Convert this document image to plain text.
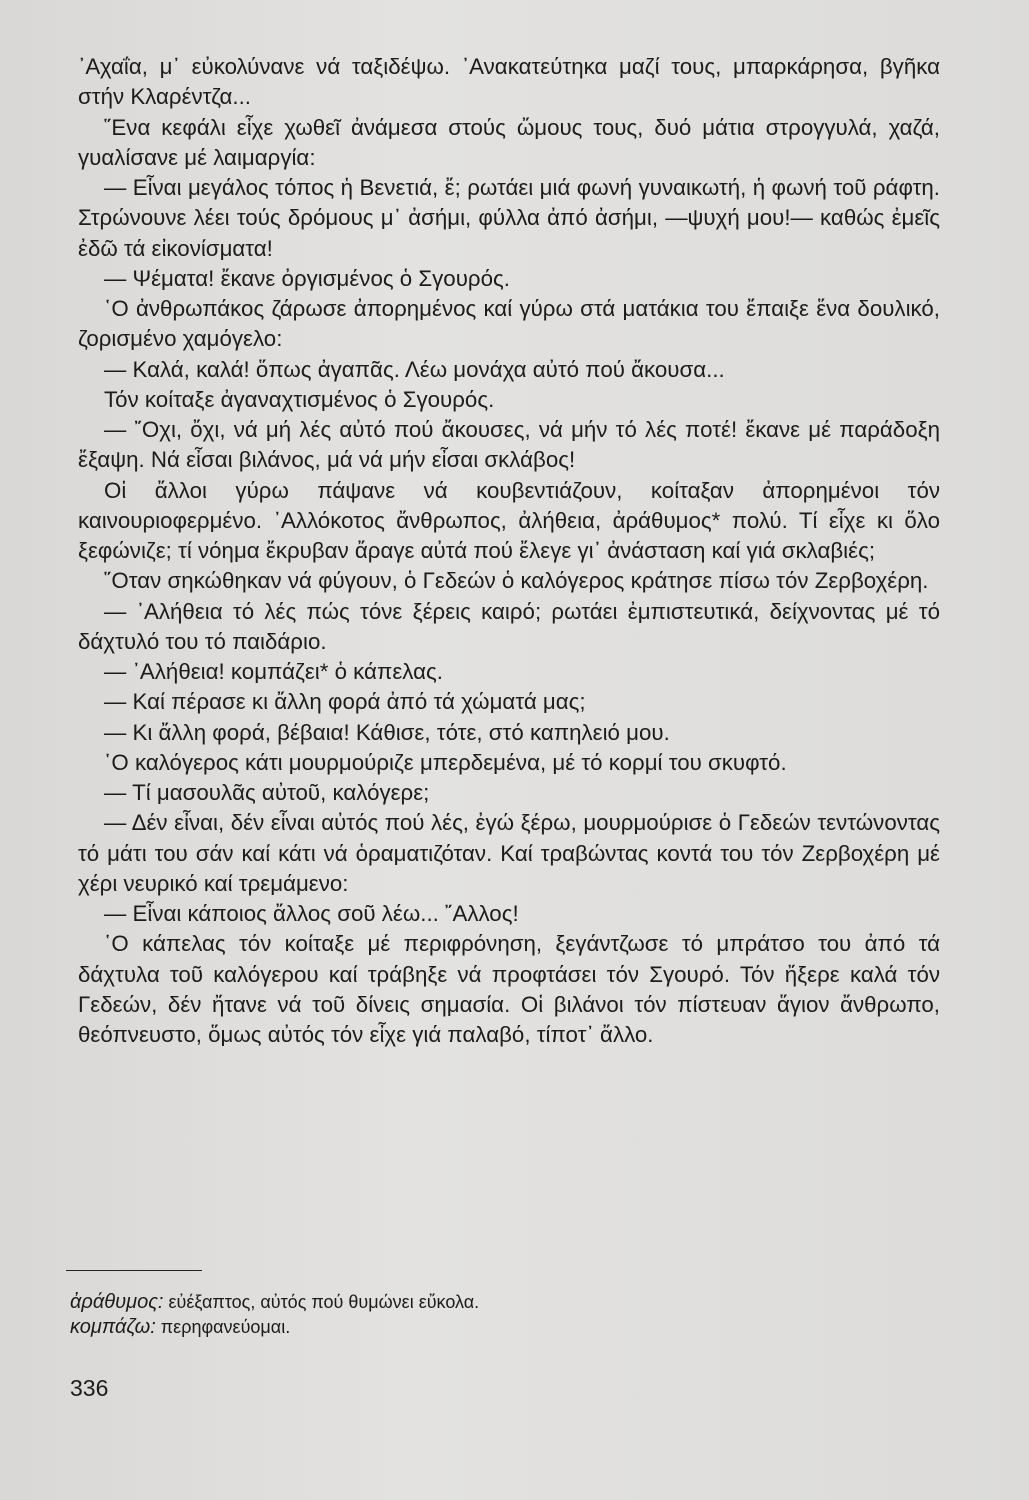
᾿Αχαΐα, μ᾿ εὐκολύνανε νά ταξιδέψω. ᾿Ανακατεύτηκα μαζί τους, μπαρκάρησα, βγῆκα στήν Κλαρέντζα...

῞Ενα κεφάλι εἶχε χωθεῖ ἀνάμεσα στούς ὤμους τους, δυό μάτια στρογγυλά, χαζά, γυαλίσανε μέ λαιμαργία:

— Εἶναι μεγάλος τόπος ἡ Βενετιά, ἔ; ρωτάει μιά φωνή γυναικωτή, ἡ φωνή τοῦ ράφτη. Στρώνουνε λέει τούς δρόμους μ᾿ ἀσήμι, φύλλα ἀπό ἀσήμι, —ψυχή μου!— καθώς ἐμεῖς ἐδῶ τά εἰκονίσματα!

— Ψέματα! ἔκανε ὀργισμένος ὁ Σγουρός.

῾Ο ἀνθρωπάκος ζάρωσε ἀπορημένος καί γύρω στά ματάκια του ἔπαιξε ἕνα δουλικό, ζορισμένο χαμόγελο:

— Καλά, καλά! ὅπως ἀγαπᾶς. Λέω μονάχα αὐτό πού ἄκουσα...

Τόν κοίταξε ἀγαναχτισμένος ὁ Σγουρός.

— ῎Οχι, ὄχι, νά μή λές αὐτό πού ἄκουσες, νά μήν τό λές ποτέ! ἔκανε μέ παράδοξη ἔξαψη. Νά εἶσαι βιλάνος, μά νά μήν εἶσαι σκλάβος!

Οἱ ἄλλοι γύρω πάψανε νά κουβεντιάζουν, κοίταξαν ἀπορημένοι τόν καινουριοφερμένο. ᾿Αλλόκοτος ἄνθρωπος, ἀλήθεια, ἀράθυμος* πολύ. Τί εἶχε κι ὅλο ξεφώνιζε; τί νόημα ἔκρυβαν ἄραγε αὐτά πού ἔλεγε γι᾿ ἀνάσταση καί γιά σκλαβιές;

῞Οταν σηκώθηκαν νά φύγουν, ὁ Γεδεών ὁ καλόγερος κράτησε πίσω τόν Ζερβοχέρη.

— ᾿Αλήθεια τό λές πώς τόνε ξέρεις καιρό; ρωτάει ἐμπιστευτικά, δείχνοντας μέ τό δάχτυλό του τό παιδάριο.

— ᾿Αλήθεια! κομπάζει* ὁ κάπελας.

— Καί πέρασε κι ἄλλη φορά ἀπό τά χώματά μας;

— Κι ἄλλη φορά, βέβαια! Κάθισε, τότε, στό καπηλειό μου.

῾Ο καλόγερος κάτι μουρμούριζε μπερδεμένα, μέ τό κορμί του σκυφτό.

— Τί μασουλᾶς αὐτοῦ, καλόγερε;

— Δέν εἶναι, δέν εἶναι αὐτός πού λές, ἐγώ ξέρω, μουρμούρισε ὁ Γεδεών τεντώνοντας τό μάτι του σάν καί κάτι νά ὁραματιζόταν. Καί τραβώντας κοντά του τόν Ζερβοχέρη μέ χέρι νευρικό καί τρεμάμενο:

— Εἶναι κάποιος ἄλλος σοῦ λέω... ῎Αλλος!

῾Ο κάπελας τόν κοίταξε μέ περιφρόνηση, ξεγάντζωσε τό μπράτσο του ἀπό τά δάχτυλα τοῦ καλόγερου καί τράβηξε νά προφτάσει τόν Σγουρό. Τόν ἤξερε καλά τόν Γεδεών, δέν ἤτανε νά τοῦ δίνεις σημασία. Οἱ βιλάνοι τόν πίστευαν ἅγιον ἄνθρωπο, θεόπνευστο, ὅμως αὐτός τόν εἶχε γιά παλαβό, τίποτ᾿ ἄλλο.

ἀράθυμος: εὐέξαπτος, αὐτός πού θυμώνει εὔκολα.
κομπάζω: περηφανεύομαι.
336
